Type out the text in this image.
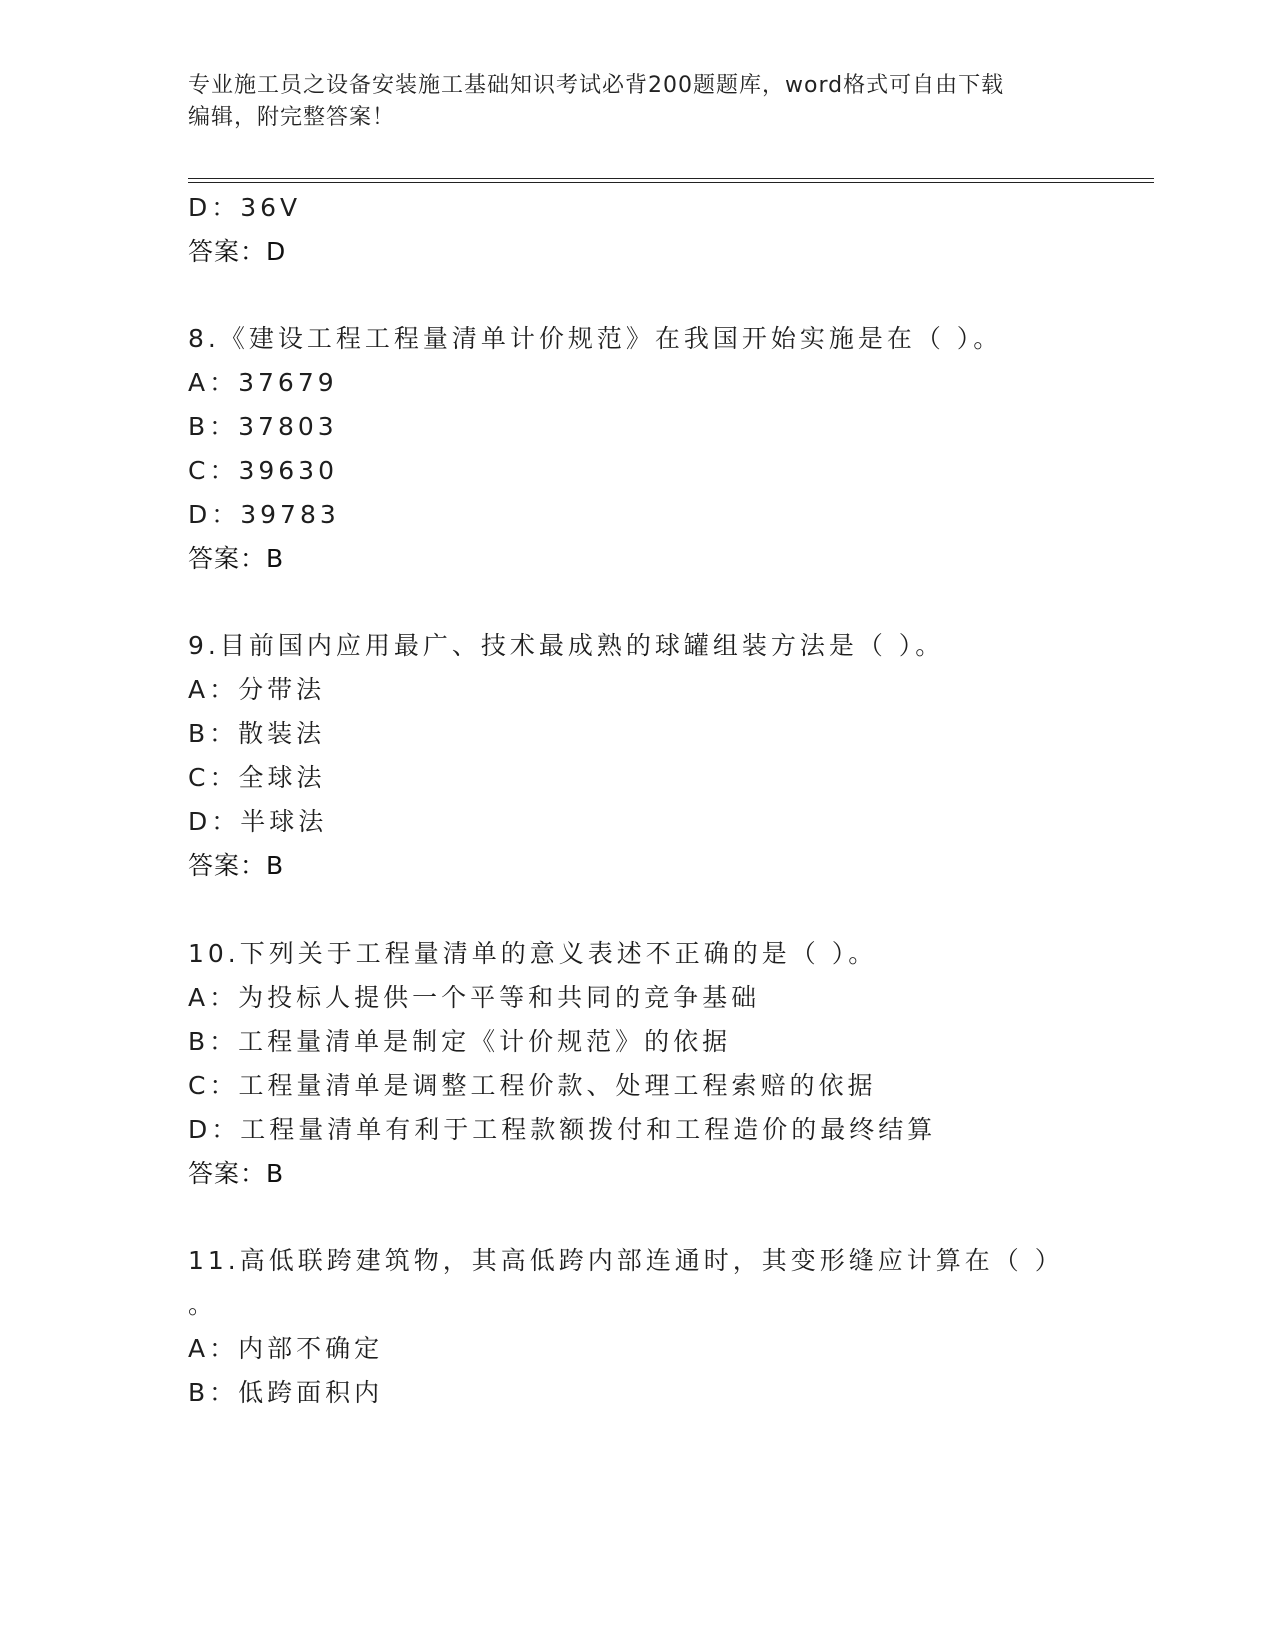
专业施工员之设备安装施工基础知识考试必背200题题库，word格式可自由下载
编辑，附完整答案！
D：36V
答案：D
8.《建设工程工程量清单计价规范》在我国开始实施是在（ ）。
A：37679
B：37803
C：39630
D：39783
答案：B
9.目前国内应用最广、技术最成熟的球罐组装方法是（ ）。
A：分带法
B：散装法
C：全球法
D：半球法
答案：B
10.下列关于工程量清单的意义表述不正确的是（ ）。
A：为投标人提供一个平等和共同的竞争基础
B：工程量清单是制定《计价规范》的依据
C：工程量清单是调整工程价款、处理工程索赔的依据
D：工程量清单有利于工程款额拨付和工程造价的最终结算
答案：B
11.高低联跨建筑物，其高低跨内部连通时，其变形缝应计算在（ ）
。
A：内部不确定
B：低跨面积内
